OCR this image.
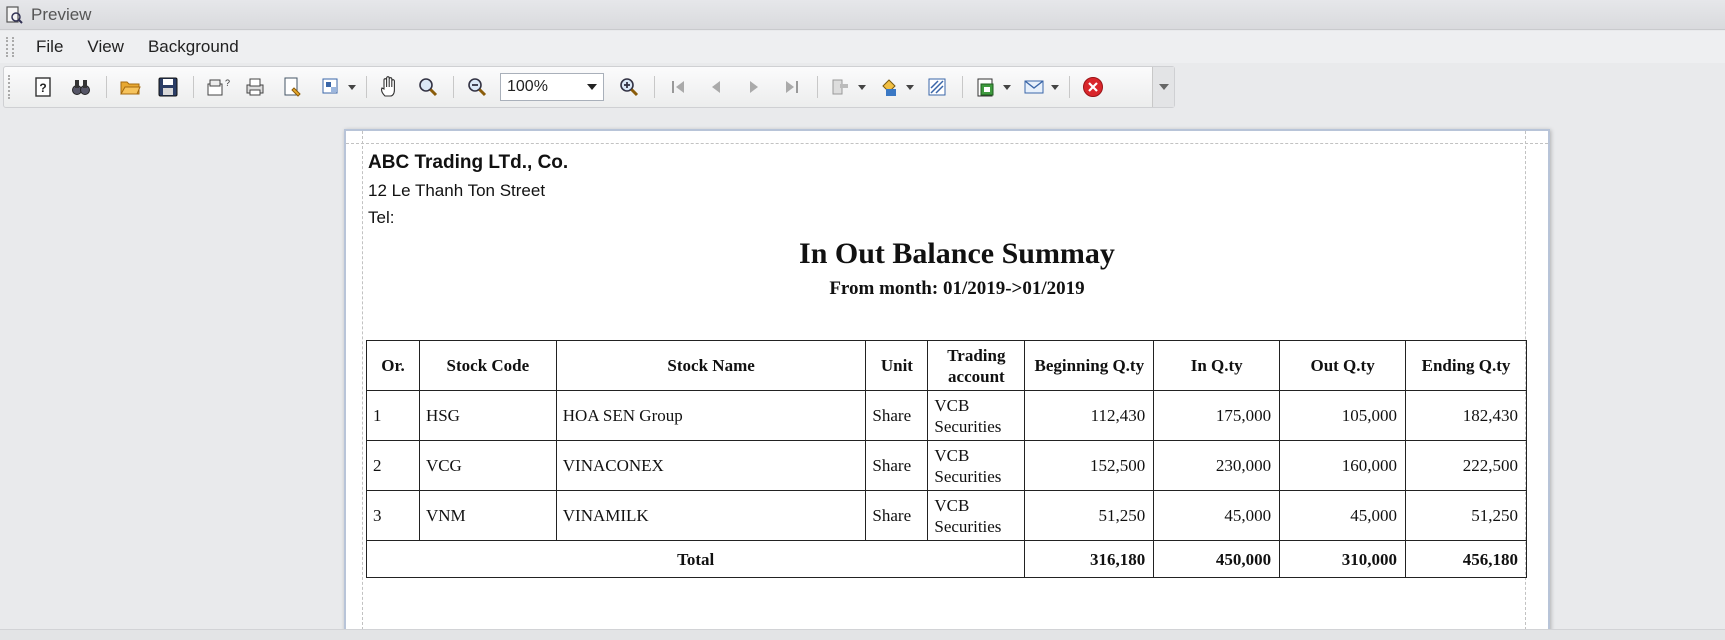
Preview
File	View	Background
?	?	100%
ABC Trading LTd., Co.
12 Le Thanh Ton Street
Tel:
In Out Balance Summay
From month: 01/2019->01/2019
Or.	Stock Code	Stock Name	Unit	Trading account	Beginning Q.ty	In Q.ty	Out Q.ty	Ending Q.ty
1	HSG	HOA SEN Group	Share	VCB Securities	112,430	175,000	105,000	182,430
2	VCG	VINACONEX	Share	VCB Securities	152,500	230,000	160,000	222,500
3	VNM	VINAMILK	Share	VCB Securities	51,250	45,000	45,000	51,250
Total					316,180	450,000	310,000	456,180
